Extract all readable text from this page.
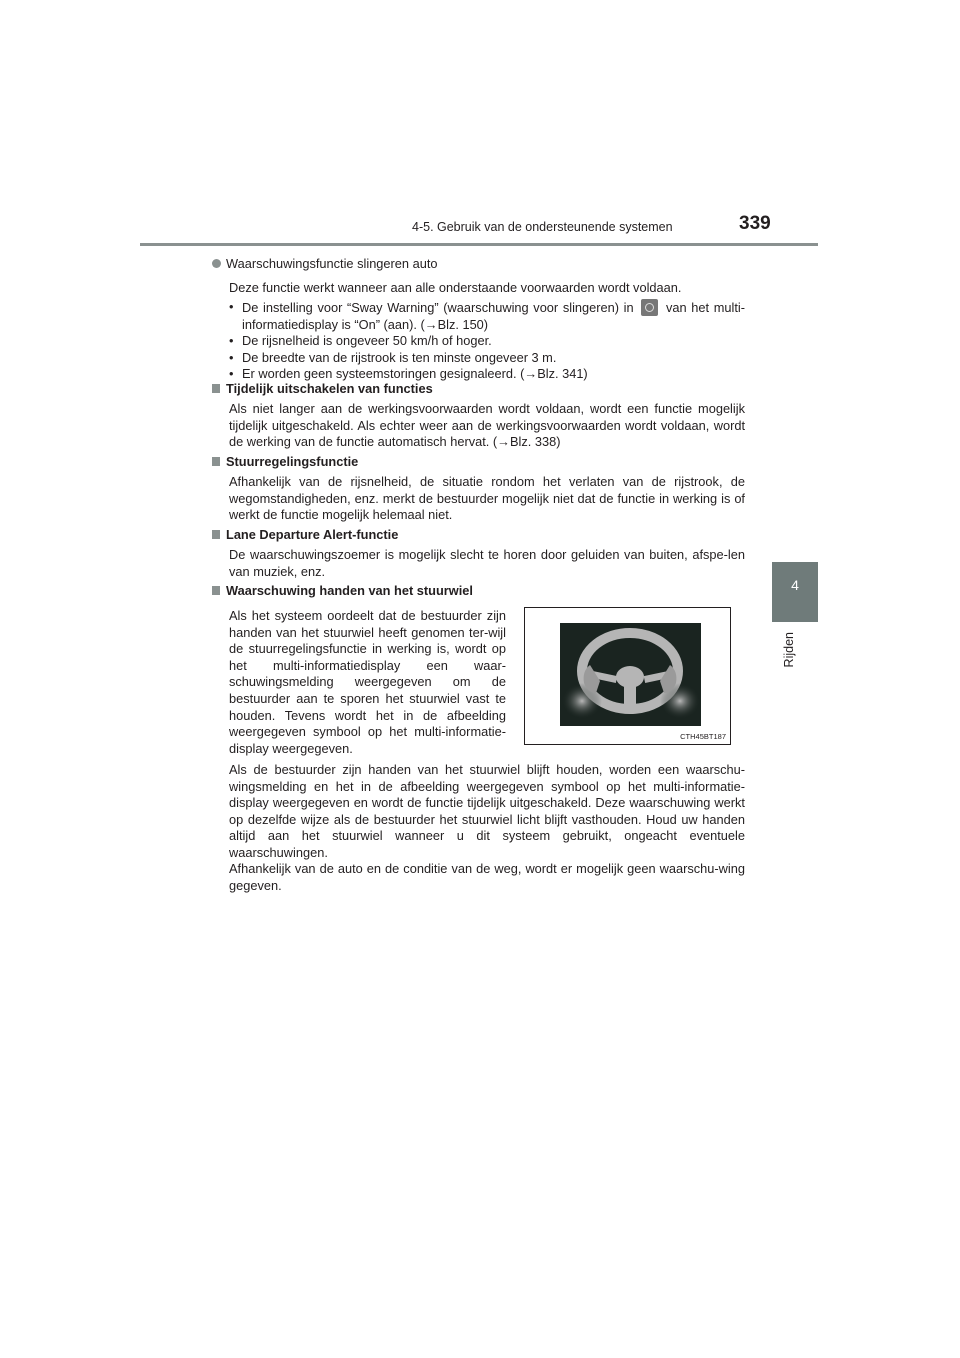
4-5. Gebruik van de ondersteunende systemen	339
4
Rijden
Waarschuwingsfunctie slingeren auto
Deze functie werkt wanneer aan alle onderstaande voorwaarden wordt voldaan.
• De instelling voor “Sway Warning” (waarschuwing voor slingeren) in	van het multi-informatiedisplay is “On” (aan). (→Blz. 150)
• De rijsnelheid is ongeveer 50 km/h of hoger.
• De breedte van de rijstrook is ten minste ongeveer 3 m.
• Er worden geen systeemstoringen gesignaleerd. (→Blz. 341)
Tijdelijk uitschakelen van functies
Als niet langer aan de werkingsvoorwaarden wordt voldaan, wordt een functie mogelijk tijdelijk uitgeschakeld. Als echter weer aan de werkingsvoorwaarden wordt voldaan, wordt de werking van de functie automatisch hervat. (→Blz. 338)
Stuurregelingsfunctie
Afhankelijk van de rijsnelheid, de situatie rondom het verlaten van de rijstrook, de wegomstandigheden, enz. merkt de bestuurder mogelijk niet dat de functie in werking is of werkt de functie mogelijk helemaal niet.
Lane Departure Alert-functie
De waarschuwingszoemer is mogelijk slecht te horen door geluiden van buiten, afspe-len van muziek, enz.
Waarschuwing handen van het stuurwiel
Als het systeem oordeelt dat de bestuurder zijn handen van het stuurwiel heeft genomen ter-wijl de stuurregelingsfunctie in werking is, wordt op het multi-informatiedisplay een waar-schuwingsmelding weergegeven om de bestuurder aan te sporen het stuurwiel vast te houden. Tevens wordt het in de afbeelding weergegeven symbool op het multi-informatie-display weergegeven.
CTH45BT187
Als de bestuurder zijn handen van het stuurwiel blijft houden, worden een waarschu-wingsmelding en het in de afbeelding weergegeven symbool op het multi-informatie-display weergegeven en wordt de functie tijdelijk uitgeschakeld. Deze waarschuwing werkt op dezelfde wijze als de bestuurder het stuurwiel licht blijft vasthouden. Houd uw handen altijd aan het stuurwiel wanneer u dit systeem gebruikt, ongeacht eventuele waarschuwingen.
Afhankelijk van de auto en de conditie van de weg, wordt er mogelijk geen waarschu-wing gegeven.
